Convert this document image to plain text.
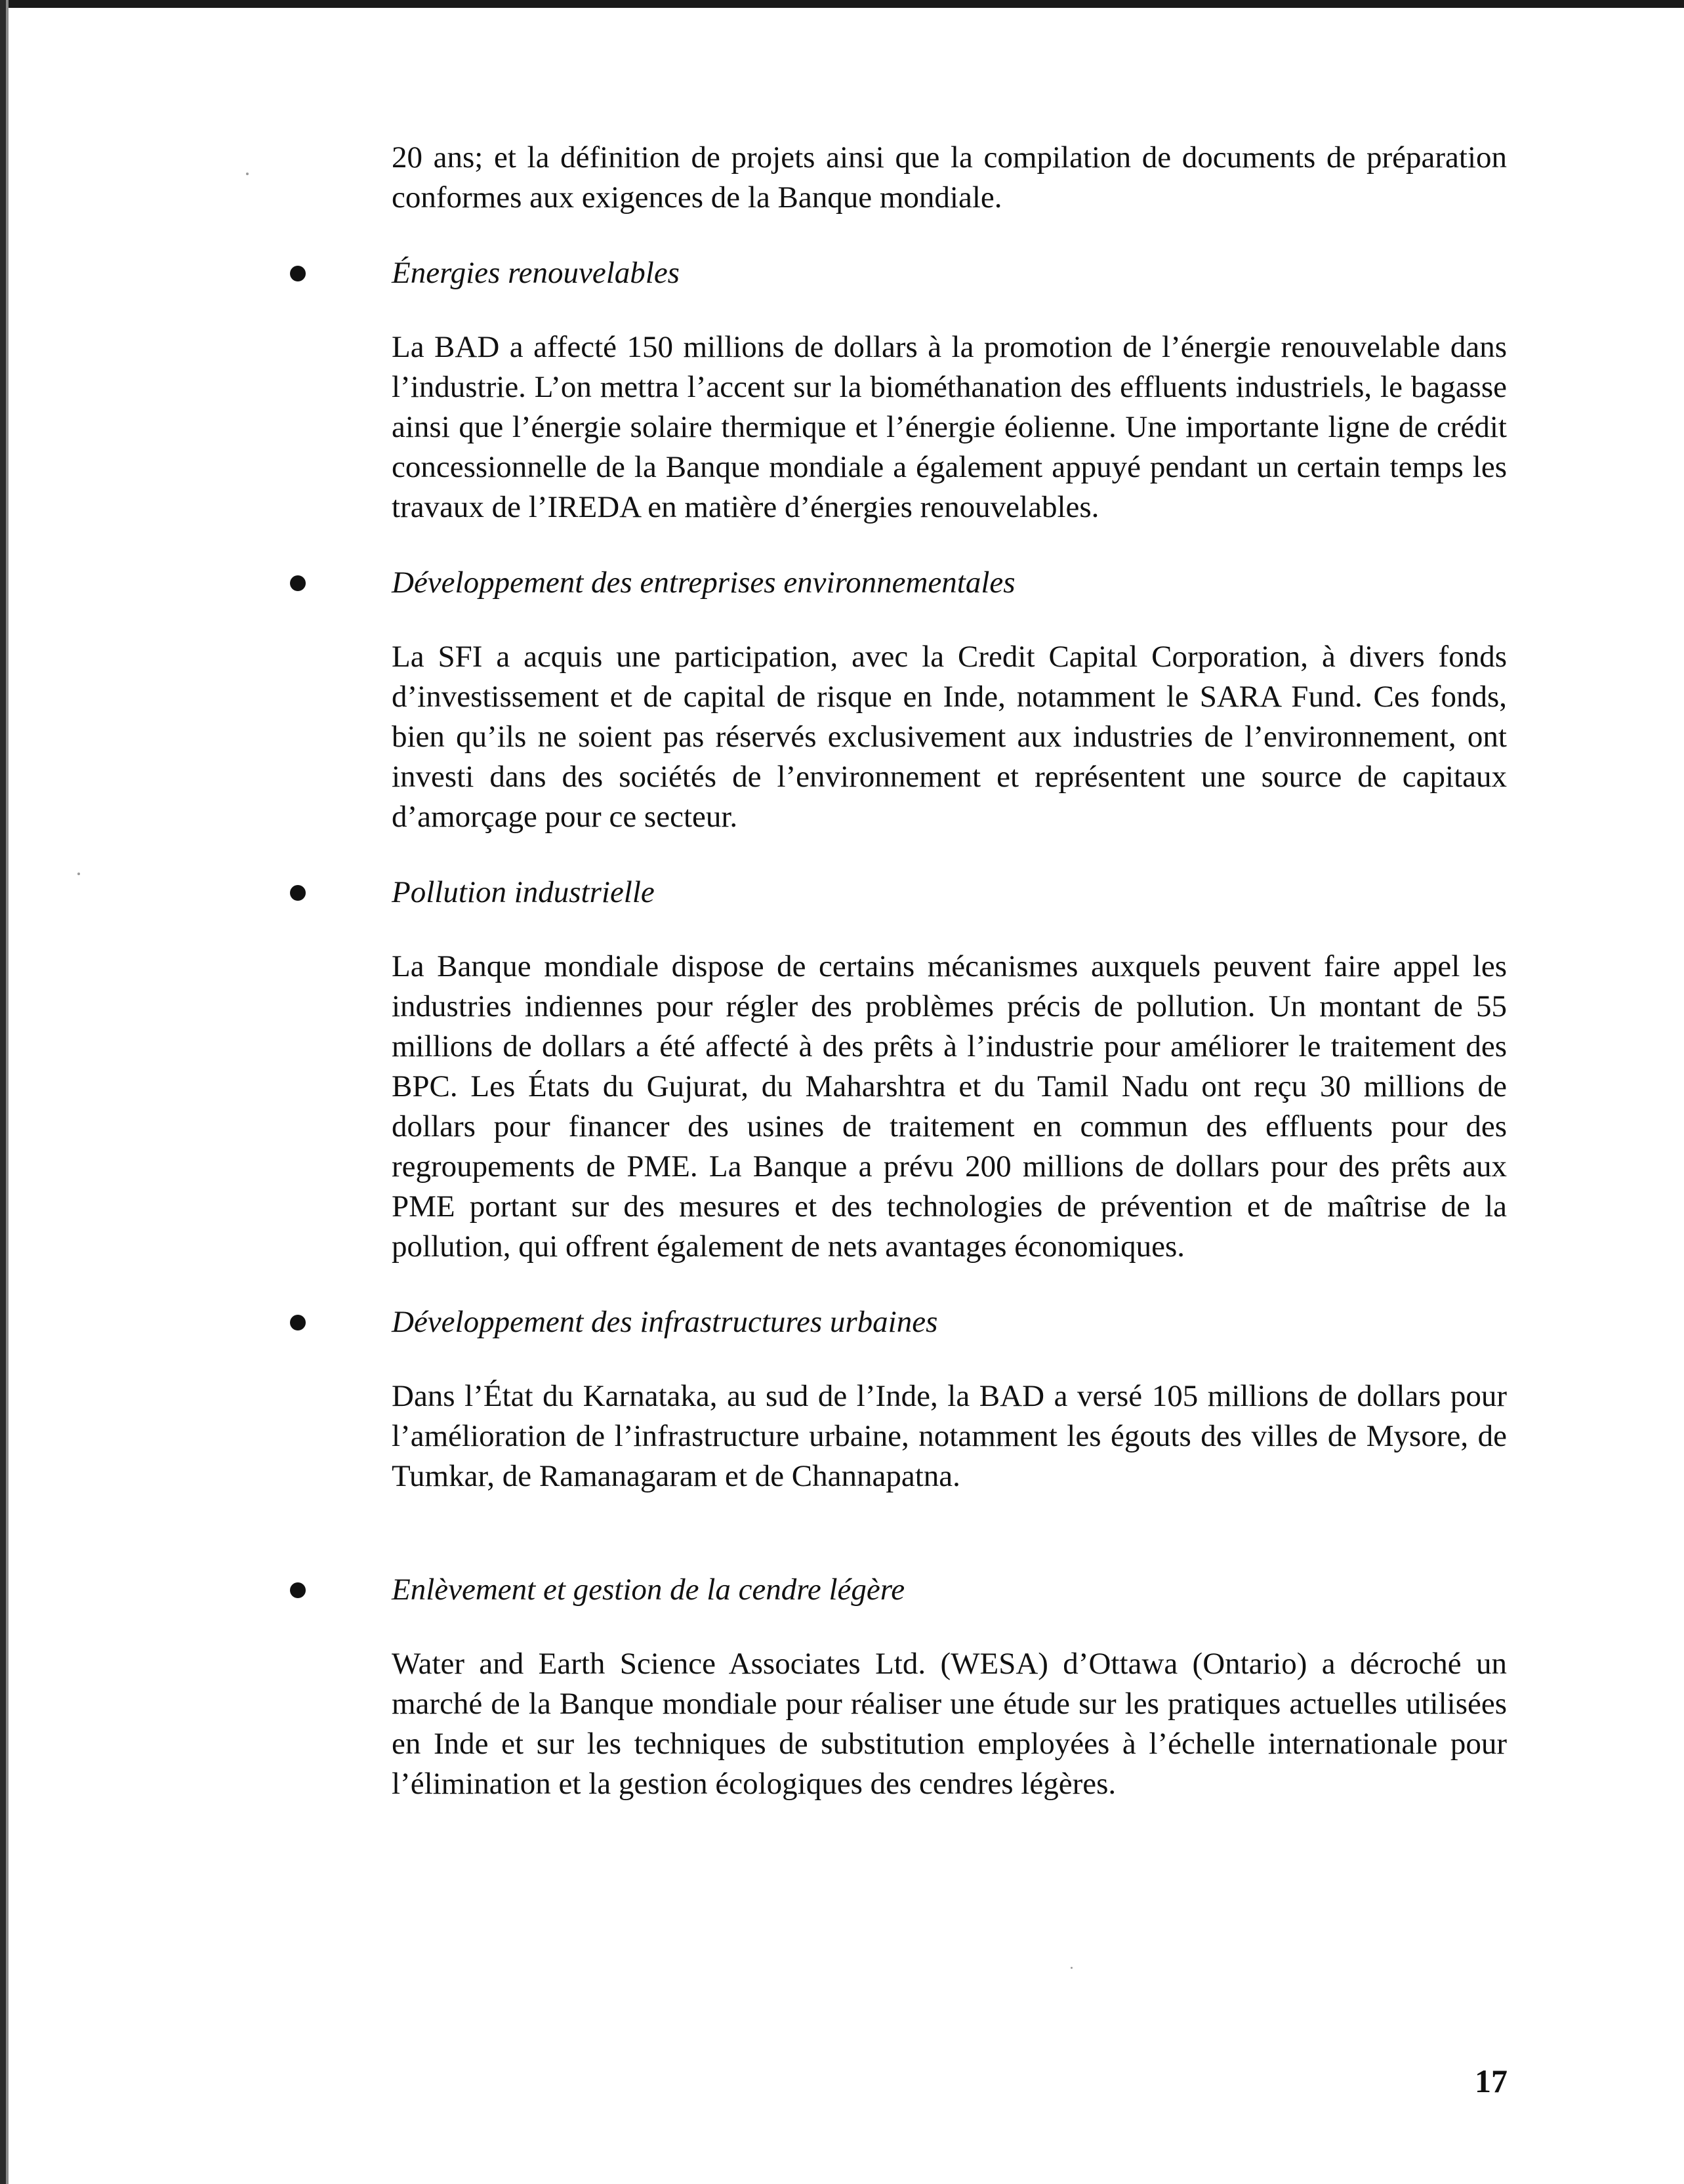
20 ans; et la définition de projets ainsi que la compilation de documents de préparation conformes aux exigences de la Banque mondiale.

Énergies renouvelables

La BAD a affecté 150 millions de dollars à la promotion de l’énergie renouvelable dans l’industrie. L’on mettra l’accent sur la biométhanation des effluents industriels, le bagasse ainsi que l’énergie solaire thermique et l’énergie éolienne. Une importante ligne de crédit concessionnelle de la Banque mondiale a également appuyé pendant un certain temps les travaux de l’IREDA en matière d’énergies renouvelables.

Développement des entreprises environnementales

La SFI a acquis une participation, avec la Credit Capital Corporation, à divers fonds d’investissement et de capital de risque en Inde, notamment le SARA Fund. Ces fonds, bien qu’ils ne soient pas réservés exclusivement aux industries de l’environnement, ont investi dans des sociétés de l’environnement et représentent une source de capitaux d’amorçage pour ce secteur.

Pollution industrielle

La Banque mondiale dispose de certains mécanismes auxquels peuvent faire appel les industries indiennes pour régler des problèmes précis de pollution. Un montant de 55 millions de dollars a été affecté à des prêts à l’industrie pour améliorer le traitement des BPC. Les États du Gujurat, du Maharshtra et du Tamil Nadu ont reçu 30 millions de dollars pour financer des usines de traitement en commun des effluents pour des regroupements de PME. La Banque a prévu 200 millions de dollars pour des prêts aux PME portant sur des mesures et des technologies de prévention et de maîtrise de la pollution, qui offrent également de nets avantages économiques.

Développement des infrastructures urbaines

Dans l’État du Karnataka, au sud de l’Inde, la BAD a versé 105 millions de dollars pour l’amélioration de l’infrastructure urbaine, notamment les égouts des villes de Mysore, de Tumkar, de Ramanagaram et de Channapatna.

Enlèvement et gestion de la cendre légère

Water and Earth Science Associates Ltd. (WESA) d’Ottawa (Ontario) a décroché un marché de la Banque mondiale pour réaliser une étude sur les pratiques actuelles utilisées en Inde et sur les techniques de substitution employées à l’échelle internationale pour l’élimination et la gestion écologiques des cendres légères.

17
